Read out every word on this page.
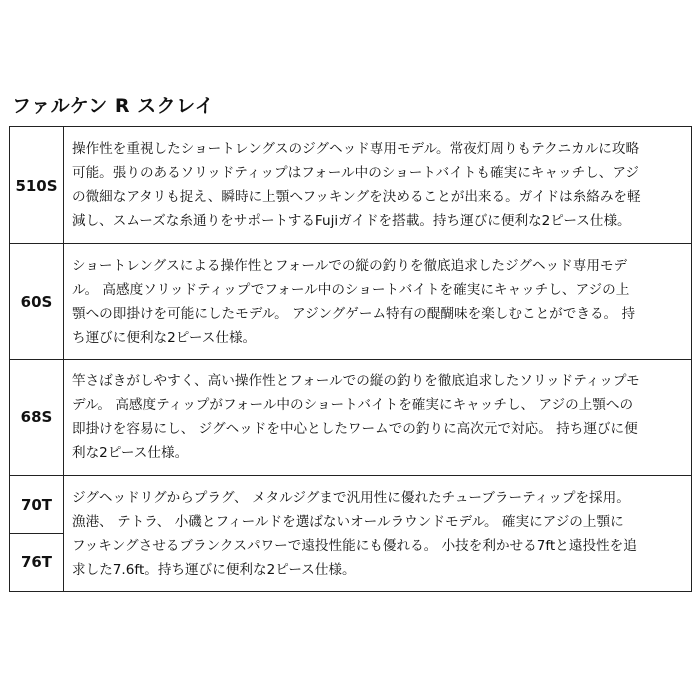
ファルケン R スクレイ
510S
操作性を重視したショートレングスのジグヘッド専用モデル。常夜灯周りもテクニカルに攻略
可能。張りのあるソリッドティップはフォール中のショートバイトも確実にキャッチし、アジ
の微細なアタリも捉え、瞬時に上顎へフッキングを決めることが出来る。ガイドは糸絡みを軽
減し、スムーズな糸通りをサポートするFujiガイドを搭載。持ち運びに便利な2ピース仕様。
60S
ショートレングスによる操作性とフォールでの縦の釣りを徹底追求したジグヘッド専用モデ
ル。 高感度ソリッドティップでフォール中のショートバイトを確実にキャッチし、アジの上
顎への即掛けを可能にしたモデル。 アジングゲーム特有の醍醐味を楽しむことができる。 持
ち運びに便利な2ピース仕様。
68S
竿さばきがしやすく、高い操作性とフォールでの縦の釣りを徹底追求したソリッドティップモ
デル。 高感度ティップがフォール中のショートバイトを確実にキャッチし、 アジの上顎への
即掛けを容易にし、 ジグヘッドを中心としたワームでの釣りに高次元で対応。 持ち運びに便
利な2ピース仕様。
70T
76T
ジグヘッドリグからプラグ、 メタルジグまで汎用性に優れたチューブラーティップを採用。
漁港、 テトラ、 小磯とフィールドを選ばないオールラウンドモデル。 確実にアジの上顎に
フッキングさせるブランクスパワーで遠投性能にも優れる。 小技を利かせる7ftと遠投性を追
求した7.6ft。持ち運びに便利な2ピース仕様。
